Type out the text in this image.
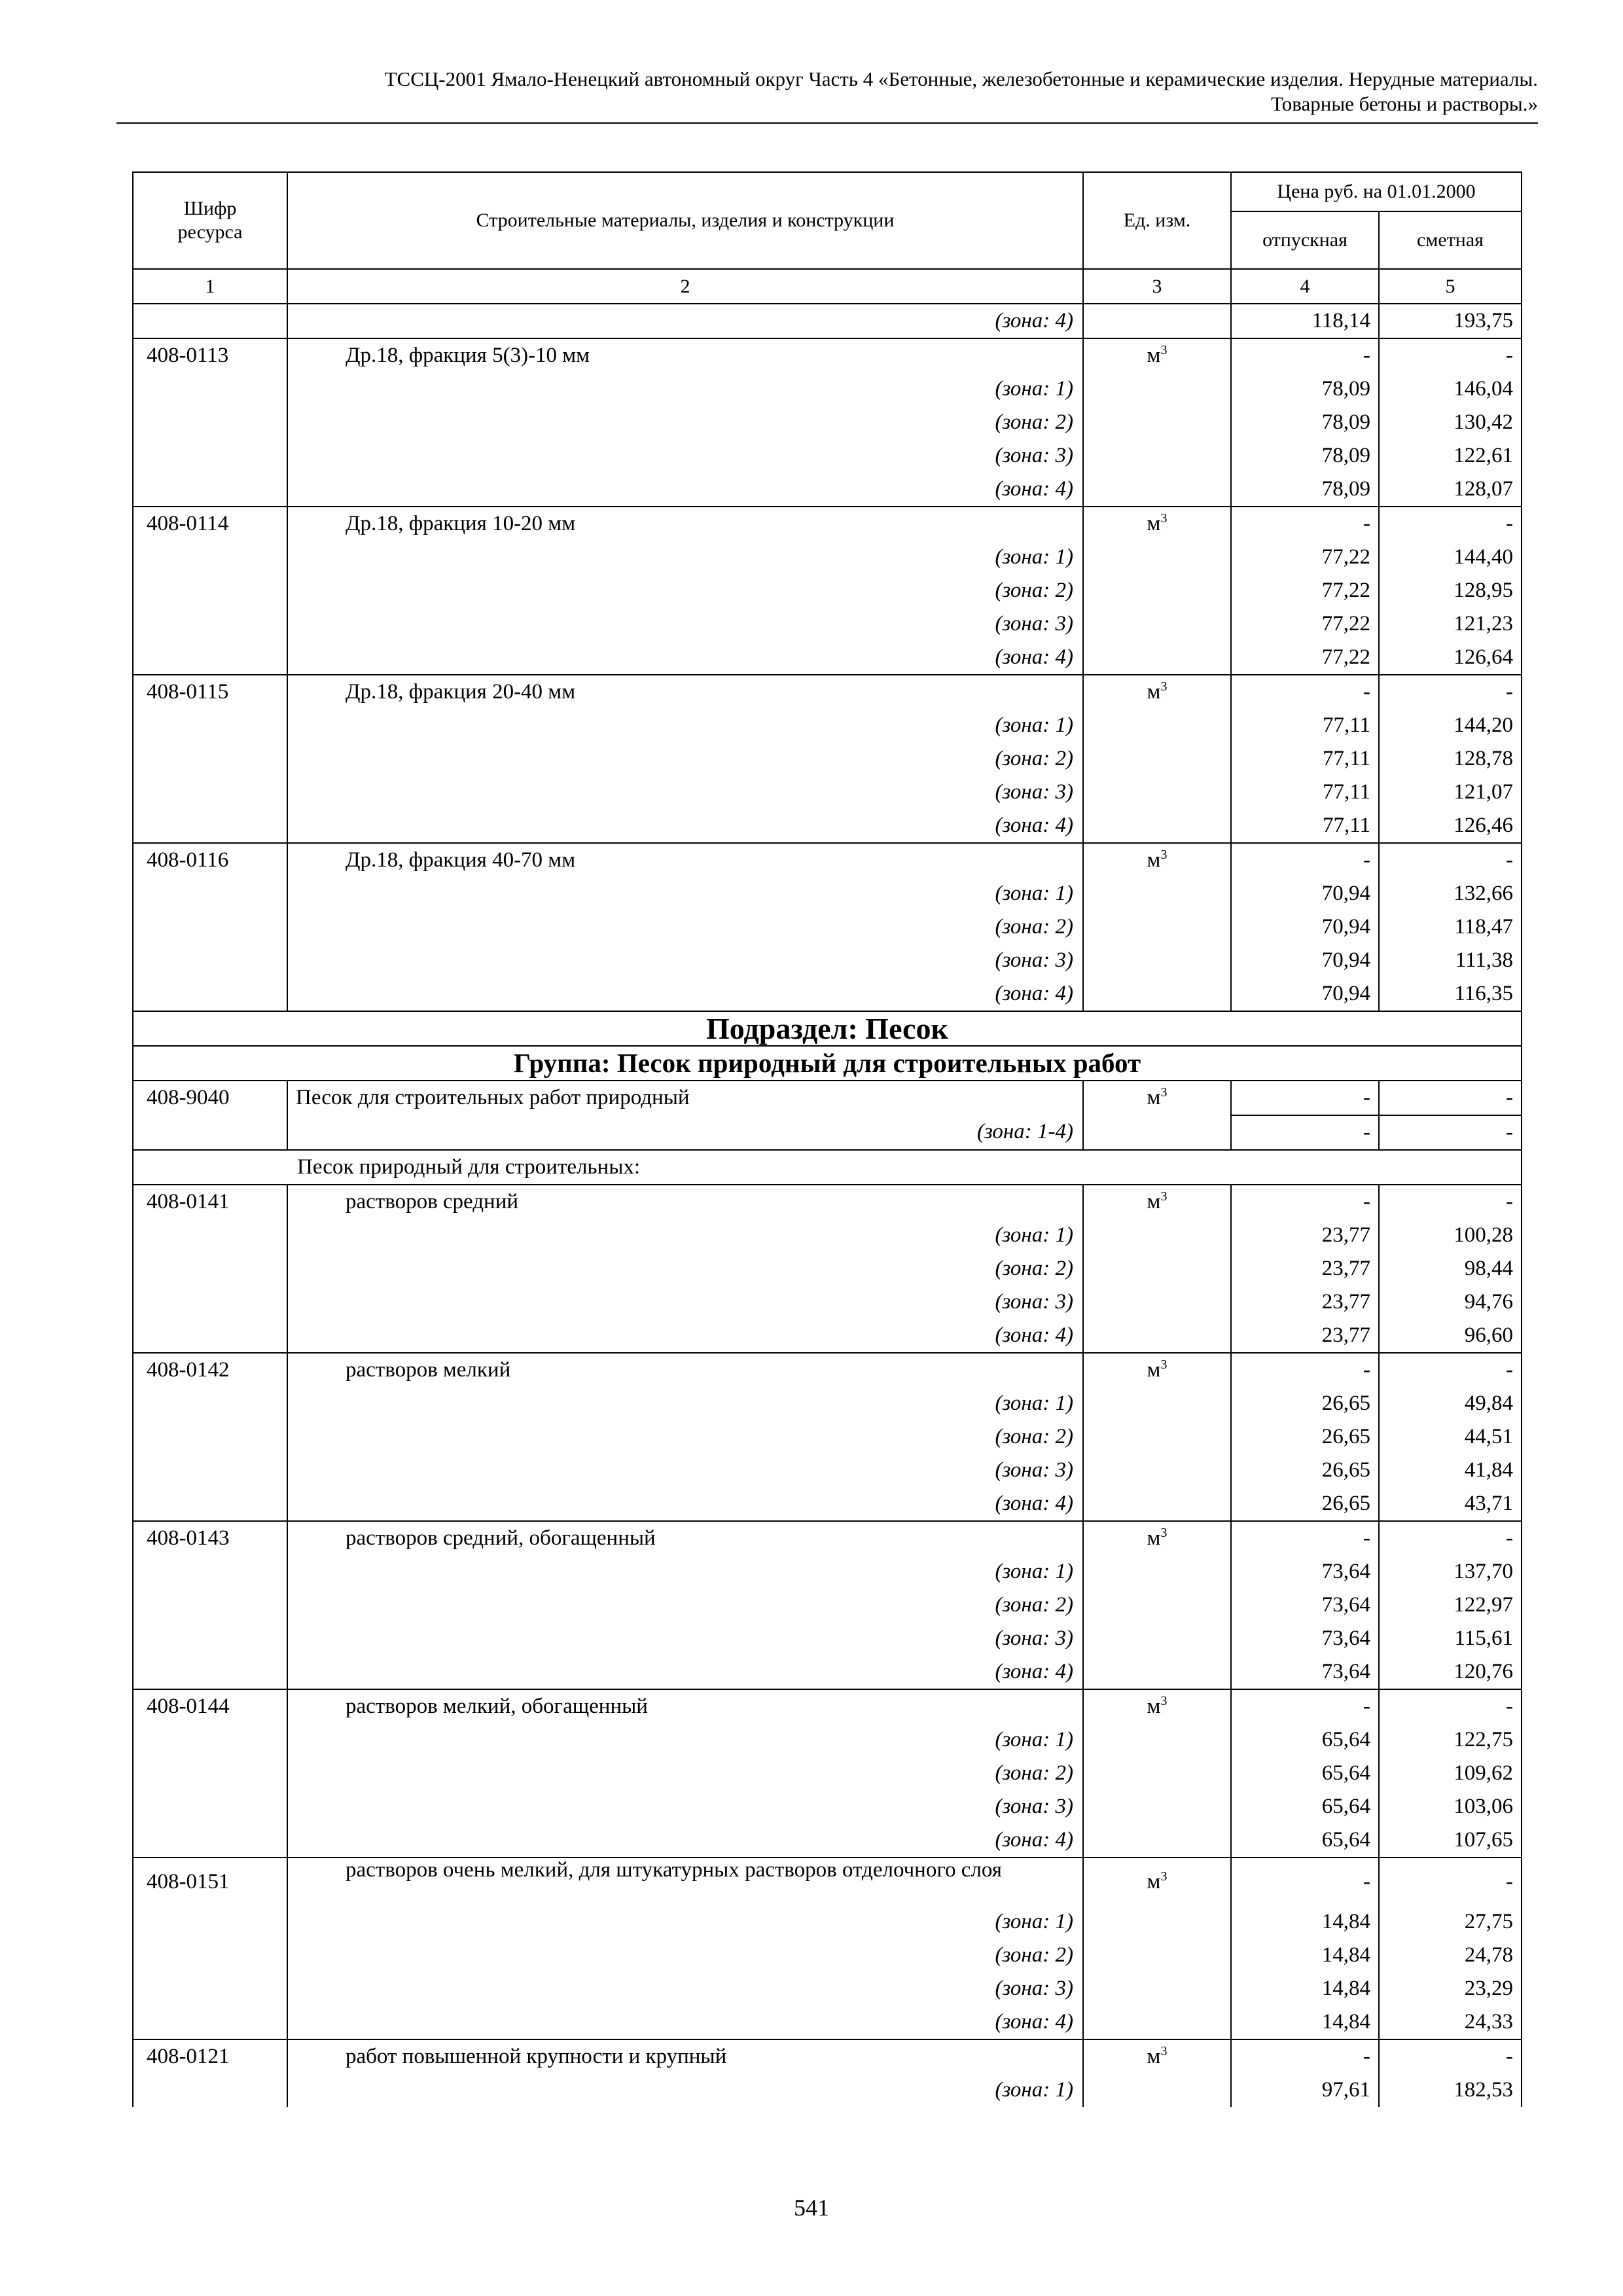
ТССЦ-2001 Ямало-Ненецкий автономный округ Часть 4 «Бетонные, железобетонные и керамические изделия. Нерудные материалы.
Товарные бетоны и растворы.»
Шифр ресурса	Строительные материалы, изделия и конструкции	Ед. изм.	Цена руб. на 01.01.2000	
			отпускная	сметная
1	2	3	4	5
	(зона: 4)		118,14	193,75
408-0113	Др.18, фракция 5(3)-10 мм	$м^3$	-	-
	(зона: 1)		78,09	146,04
	(зона: 2)		78,09	130,42
	(зона: 3)		78,09	122,61
	(зона: 4)		78,09	128,07
408-0114	Др.18, фракция 10-20 мм	$м^3$	-	-
	(зона: 1)		77,22	144,40
	(зона: 2)		77,22	128,95
	(зона: 3)		77,22	121,23
	(зона: 4)		77,22	126,64
408-0115	Др.18, фракция 20-40 мм	$м^3$	-	-
	(зона: 1)		77,11	144,20
	(зона: 2)		77,11	128,78
	(зона: 3)		77,11	121,07
	(зона: 4)		77,11	126,46
408-0116	Др.18, фракция 40-70 мм	$м^3$	-	-
	(зона: 1)		70,94	132,66
	(зона: 2)		70,94	118,47
	(зона: 3)		70,94	111,38
	(зона: 4)		70,94	116,35
Подраздел: Песок				
Группа: Песок природный для строительных работ				
408-9040	Песок для строительных работ природный	$м^3$	-	-
	(зона: 1-4)		-	-
Песок природный для строительных:				
408-0141	растворов средний	$м^3$	-	-
	(зона: 1)		23,77	100,28
	(зона: 2)		23,77	98,44
	(зона: 3)		23,77	94,76
	(зона: 4)		23,77	96,60
408-0142	растворов мелкий	$м^3$	-	-
	(зона: 1)		26,65	49,84
	(зона: 2)		26,65	44,51
	(зона: 3)		26,65	41,84
	(зона: 4)		26,65	43,71
408-0143	растворов средний, обогащенный	$м^3$	-	-
	(зона: 1)		73,64	137,70
	(зона: 2)		73,64	122,97
	(зона: 3)		73,64	115,61
	(зона: 4)		73,64	120,76
408-0144	растворов мелкий, обогащенный	$м^3$	-	-
	(зона: 1)		65,64	122,75
	(зона: 2)		65,64	109,62
	(зона: 3)		65,64	103,06
	(зона: 4)		65,64	107,65
408-0151	растворов очень мелкий, для штукатурных растворов отделочного слоя	$м^3$	-	-
	(зона: 1)		14,84	27,75
	(зона: 2)		14,84	24,78
	(зона: 3)		14,84	23,29
	(зона: 4)		14,84	24,33
408-0121	работ повышенной крупности и крупный	$м^3$	-	-
	(зона: 1)		97,61	182,53
541
